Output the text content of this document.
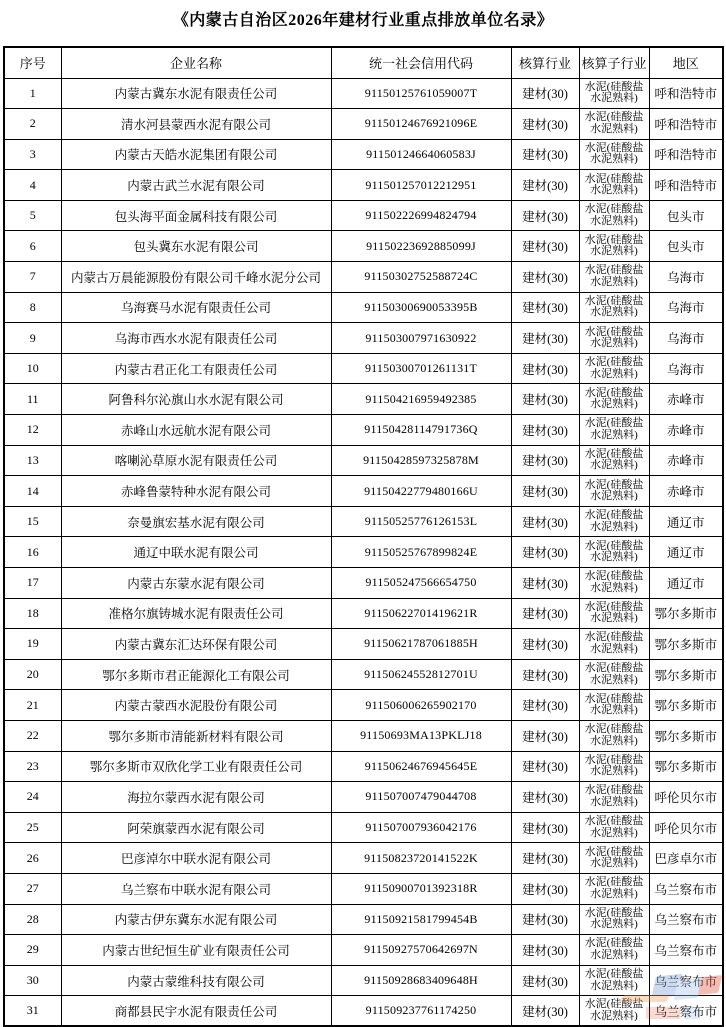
《内蒙古自治区2026年建材行业重点排放单位名录》
序号	企业名称	统一社会信用代码	核算行业	核算子行业	地区
1	内蒙古冀东水泥有限责任公司	91150125761059007T	建材(30)	水泥(硅酸盐水泥熟料)	呼和浩特市
2	清水河县蒙西水泥有限公司	91150124676921096E	建材(30)	水泥(硅酸盐水泥熟料)	呼和浩特市
3	内蒙古天皓水泥集团有限公司	91150124664060583J	建材(30)	水泥(硅酸盐水泥熟料)	呼和浩特市
4	内蒙古武兰水泥有限公司	911501257012212951	建材(30)	水泥(硅酸盐水泥熟料)	呼和浩特市
5	包头海平面金属科技有限公司	911502226994824794	建材(30)	水泥(硅酸盐水泥熟料)	包头市
6	包头冀东水泥有限公司	91150223692885099J	建材(30)	水泥(硅酸盐水泥熟料)	包头市
7	内蒙古万晨能源股份有限公司千峰水泥分公司	91150302752588724C	建材(30)	水泥(硅酸盐水泥熟料)	乌海市
8	乌海赛马水泥有限责任公司	91150300690053395B	建材(30)	水泥(硅酸盐水泥熟料)	乌海市
9	乌海市西水水泥有限责任公司	911503007971630922	建材(30)	水泥(硅酸盐水泥熟料)	乌海市
10	内蒙古君正化工有限责任公司	91150300701261131T	建材(30)	水泥(硅酸盐水泥熟料)	乌海市
11	阿鲁科尔沁旗山水水泥有限公司	911504216959492385	建材(30)	水泥(硅酸盐水泥熟料)	赤峰市
12	赤峰山水远航水泥有限公司	91150428114791736Q	建材(30)	水泥(硅酸盐水泥熟料)	赤峰市
13	喀喇沁草原水泥有限责任公司	91150428597325878M	建材(30)	水泥(硅酸盐水泥熟料)	赤峰市
14	赤峰鲁蒙特种水泥有限公司	91150422779480166U	建材(30)	水泥(硅酸盐水泥熟料)	赤峰市
15	奈曼旗宏基水泥有限公司	91150525776126153L	建材(30)	水泥(硅酸盐水泥熟料)	通辽市
16	通辽中联水泥有限公司	91150525767899824E	建材(30)	水泥(硅酸盐水泥熟料)	通辽市
17	内蒙古东蒙水泥有限公司	911505247566654750	建材(30)	水泥(硅酸盐水泥熟料)	通辽市
18	准格尔旗铸城水泥有限责任公司	91150622701419621R	建材(30)	水泥(硅酸盐水泥熟料)	鄂尔多斯市
19	内蒙古冀东汇达环保有限公司	91150621787061885H	建材(30)	水泥(硅酸盐水泥熟料)	鄂尔多斯市
20	鄂尔多斯市君正能源化工有限公司	91150624552812701U	建材(30)	水泥(硅酸盐水泥熟料)	鄂尔多斯市
21	内蒙古蒙西水泥股份有限公司	911506006265902170	建材(30)	水泥(硅酸盐水泥熟料)	鄂尔多斯市
22	鄂尔多斯市清能新材料有限公司	91150693MA13PKLJ18	建材(30)	水泥(硅酸盐水泥熟料)	鄂尔多斯市
23	鄂尔多斯市双欣化学工业有限责任公司	91150624676945645E	建材(30)	水泥(硅酸盐水泥熟料)	鄂尔多斯市
24	海拉尔蒙西水泥有限公司	911507007479044708	建材(30)	水泥(硅酸盐水泥熟料)	呼伦贝尔市
25	阿荣旗蒙西水泥有限公司	911507007936042176	建材(30)	水泥(硅酸盐水泥熟料)	呼伦贝尔市
26	巴彦淖尔中联水泥有限公司	91150823720141522K	建材(30)	水泥(硅酸盐水泥熟料)	巴彦卓尔市
27	乌兰察布中联水泥有限公司	91150900701392318R	建材(30)	水泥(硅酸盐水泥熟料)	乌兰察布市
28	内蒙古伊东冀东水泥有限公司	91150921581799454B	建材(30)	水泥(硅酸盐水泥熟料)	乌兰察布市
29	内蒙古世纪恒生矿业有限责任公司	91150927570642697N	建材(30)	水泥(硅酸盐水泥熟料)	乌兰察布市
30	内蒙古蒙维科技有限公司	91150928683409648H	建材(30)	水泥(硅酸盐水泥熟料)	乌兰察布市
31	商都县民宇水泥有限责任公司	911509237761174250	建材(30)	水泥(硅酸盐水泥熟料)	乌兰察布市
